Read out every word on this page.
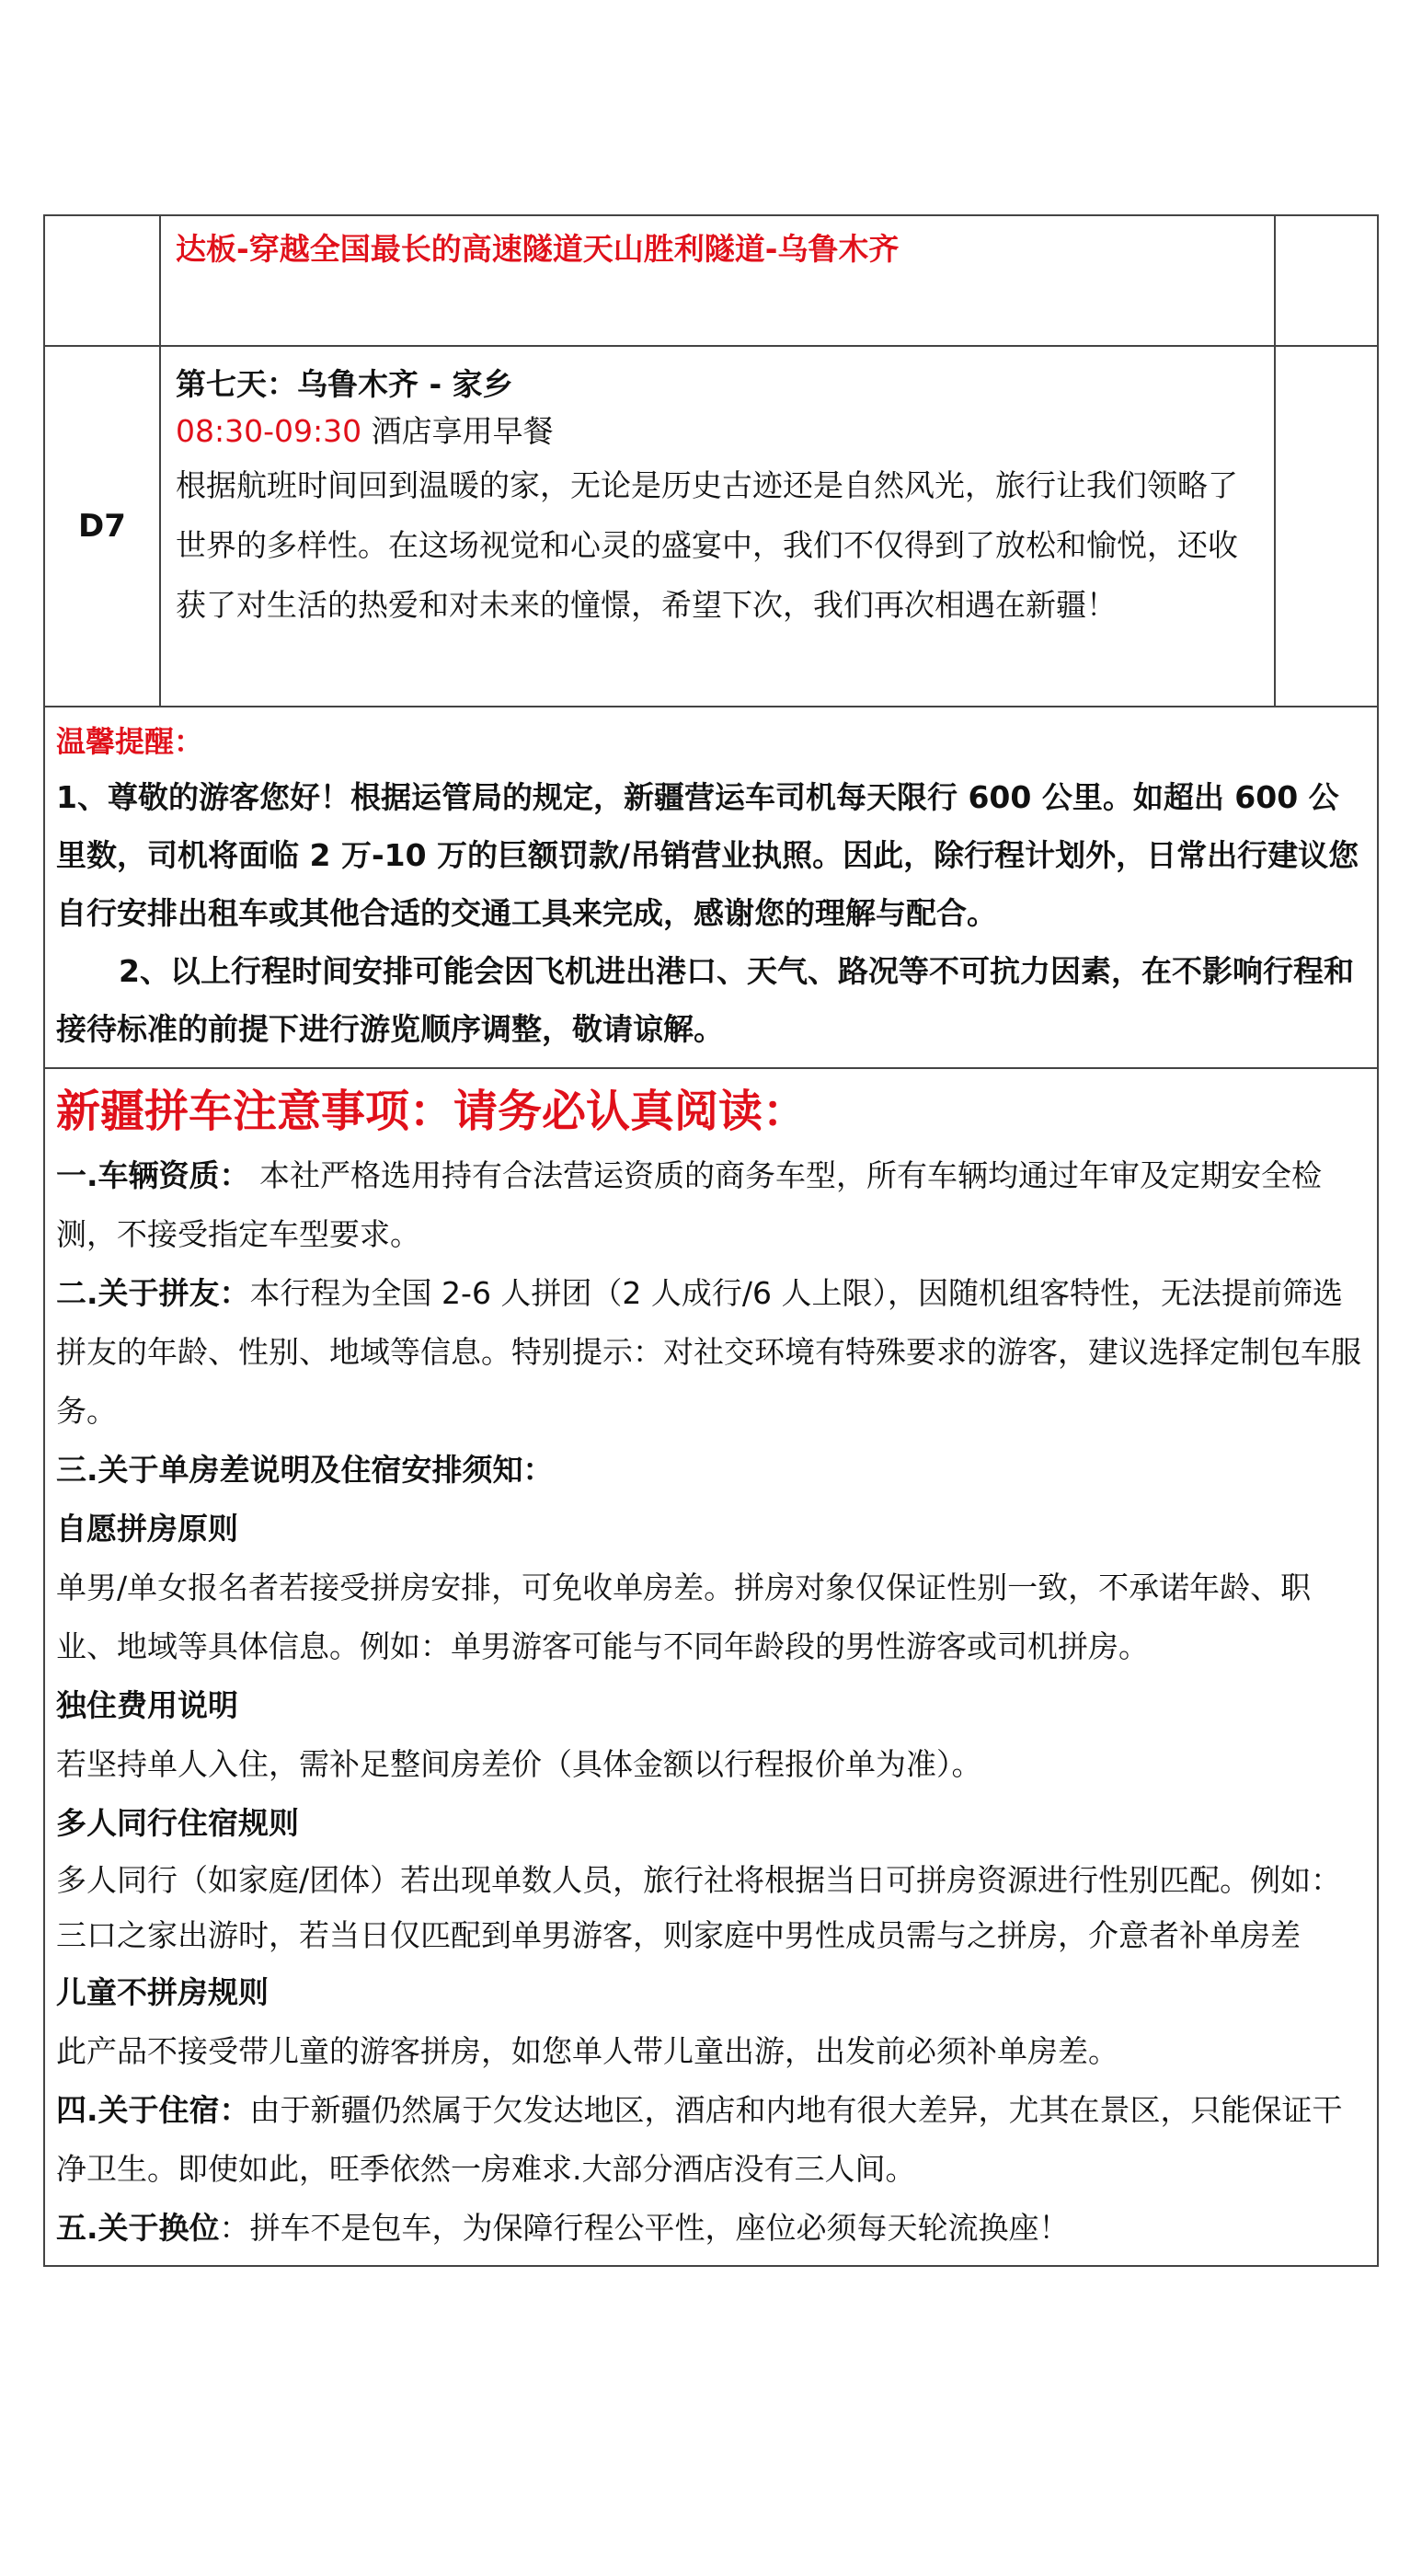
	达板-穿越全国最长的高速隧道天山胜利隧道-乌鲁木齐	

D7	第七天：乌鲁木齐 - 家乡
08:30-09:30 酒店享用早餐
根据航班时间回到温暖的家，无论是历史古迹还是自然风光，旅行让我们领略了世界的多样性。在这场视觉和心灵的盛宴中，我们不仅得到了放松和愉悦，还收获了对生活的热爱和对未来的憧憬，希望下次，我们再次相遇在新疆！	

温馨提醒：
1、尊敬的游客您好！根据运管局的规定，新疆营运车司机每天限行 600 公里。如超出 600 公里数，司机将面临 2 万-10 万的巨额罚款/吊销营业执照。因此，除行程计划外，日常出行建议您自行安排出租车或其他合适的交通工具来完成，感谢您的理解与配合。
2、以上行程时间安排可能会因飞机进出港口、天气、路况等不可抗力因素，在不影响行程和接待标准的前提下进行游览顺序调整，敬请谅解。
新疆拼车注意事项：请务必认真阅读：
一.车辆资质： 本社严格选用持有合法营运资质的商务车型，所有车辆均通过年审及定期安全检测，不接受指定车型要求。
二.关于拼友：本行程为全国 2-6 人拼团（2 人成行/6 人上限），因随机组客特性，无法提前筛选拼友的年龄、性别、地域等信息。特别提示：对社交环境有特殊要求的游客，建议选择定制包车服务。
三.关于单房差说明及住宿安排须知：
自愿拼房原则
单男/单女报名者若接受拼房安排，可免收单房差。拼房对象仅保证性别一致，不承诺年龄、职业、地域等具体信息。例如：单男游客可能与不同年龄段的男性游客或司机拼房。
独住费用说明
若坚持单人入住，需补足整间房差价（具体金额以行程报价单为准）。
多人同行住宿规则
多人同行（如家庭/团体）若出现单数人员，旅行社将根据当日可拼房资源进行性别匹配。例如：三口之家出游时，若当日仅匹配到单男游客，则家庭中男性成员需与之拼房，介意者补单房差
儿童不拼房规则
此产品不接受带儿童的游客拼房，如您单人带儿童出游，出发前必须补单房差。
四.关于住宿：由于新疆仍然属于欠发达地区，酒店和内地有很大差异，尤其在景区，只能保证干净卫生。即使如此，旺季依然一房难求.大部分酒店没有三人间。
五.关于换位：拼车不是包车，为保障行程公平性，座位必须每天轮流换座！
